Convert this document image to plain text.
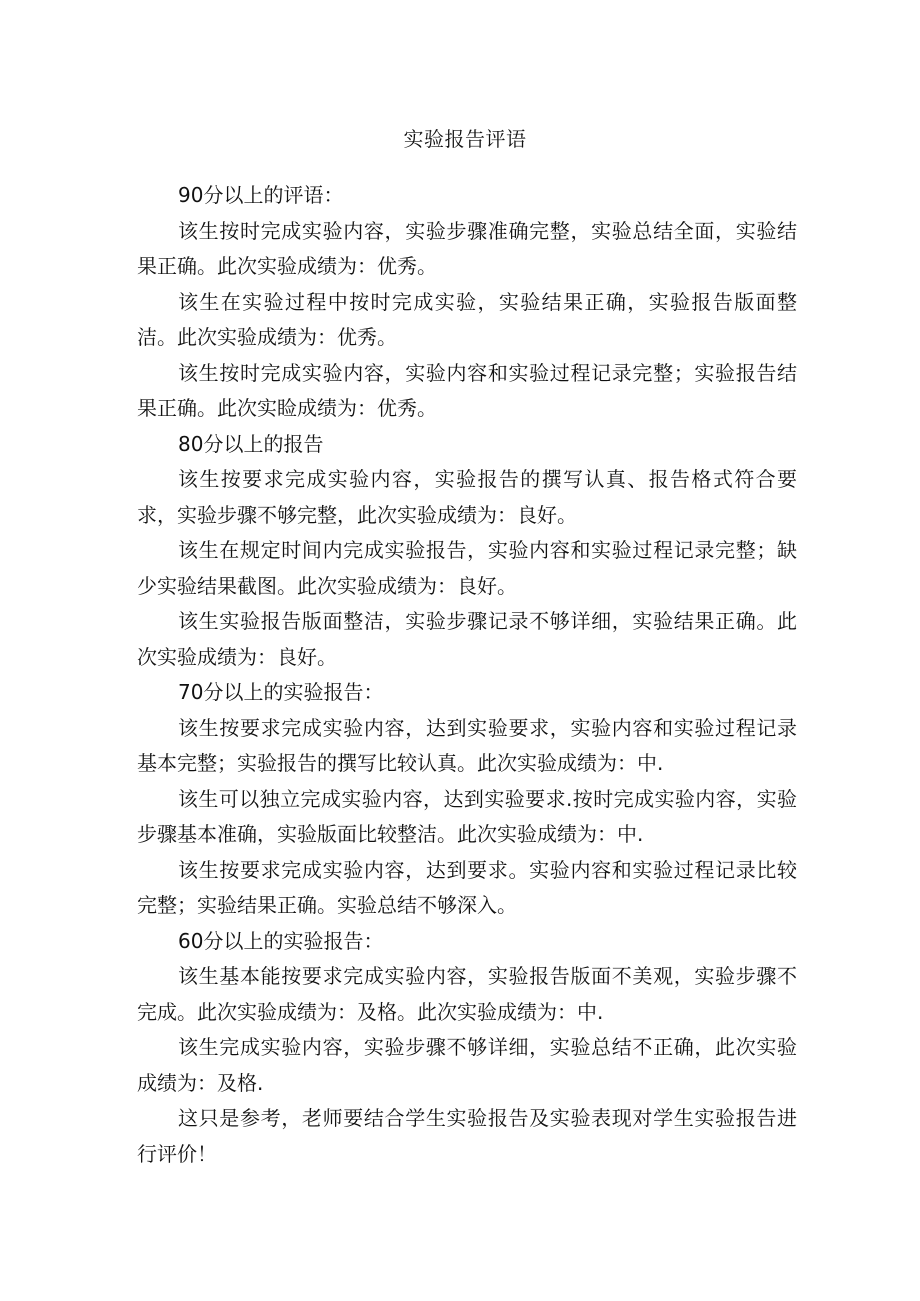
实验报告评语

90分以上的评语：

该生按时完成实验内容，实验步骤准确完整，实验总结全面，实验结果正确。此次实验成绩为：优秀。

该生在实验过程中按时完成实验，实验结果正确，实验报告版面整洁。此次实验成绩为：优秀。

该生按时完成实验内容，实验内容和实验过程记录完整；实验报告结果正确。此次实睑成绩为：优秀。

80分以上的报告

该生按要求完成实验内容，实验报告的撰写认真、报告格式符合要求，实验步骤不够完整，此次实验成绩为：良好。

该生在规定时间内完成实验报告，实验内容和实验过程记录完整；缺少实验结果截图。此次实验成绩为：良好。

该生实验报告版面整洁，实验步骤记录不够详细，实验结果正确。此次实验成绩为：良好。

70分以上的实验报告：

该生按要求完成实验内容，达到实验要求，实验内容和实验过程记录基本完整；实验报告的撰写比较认真。此次实验成绩为：中.

该生可以独立完成实验内容，达到实验要求.按时完成实验内容，实验步骤基本准确，实验版面比较整洁。此次实验成绩为：中.

该生按要求完成实验内容，达到要求。实验内容和实验过程记录比较完整；实验结果正确。实验总结不够深入。

60分以上的实验报告：

该生基本能按要求完成实验内容，实验报告版面不美观，实验步骤不完成。此次实验成绩为：及格。此次实验成绩为：中.

该生完成实验内容，实验步骤不够详细，实验总结不正确，此次实验成绩为：及格.

这只是参考，老师要结合学生实验报告及实验表现对学生实验报告进行评价！
